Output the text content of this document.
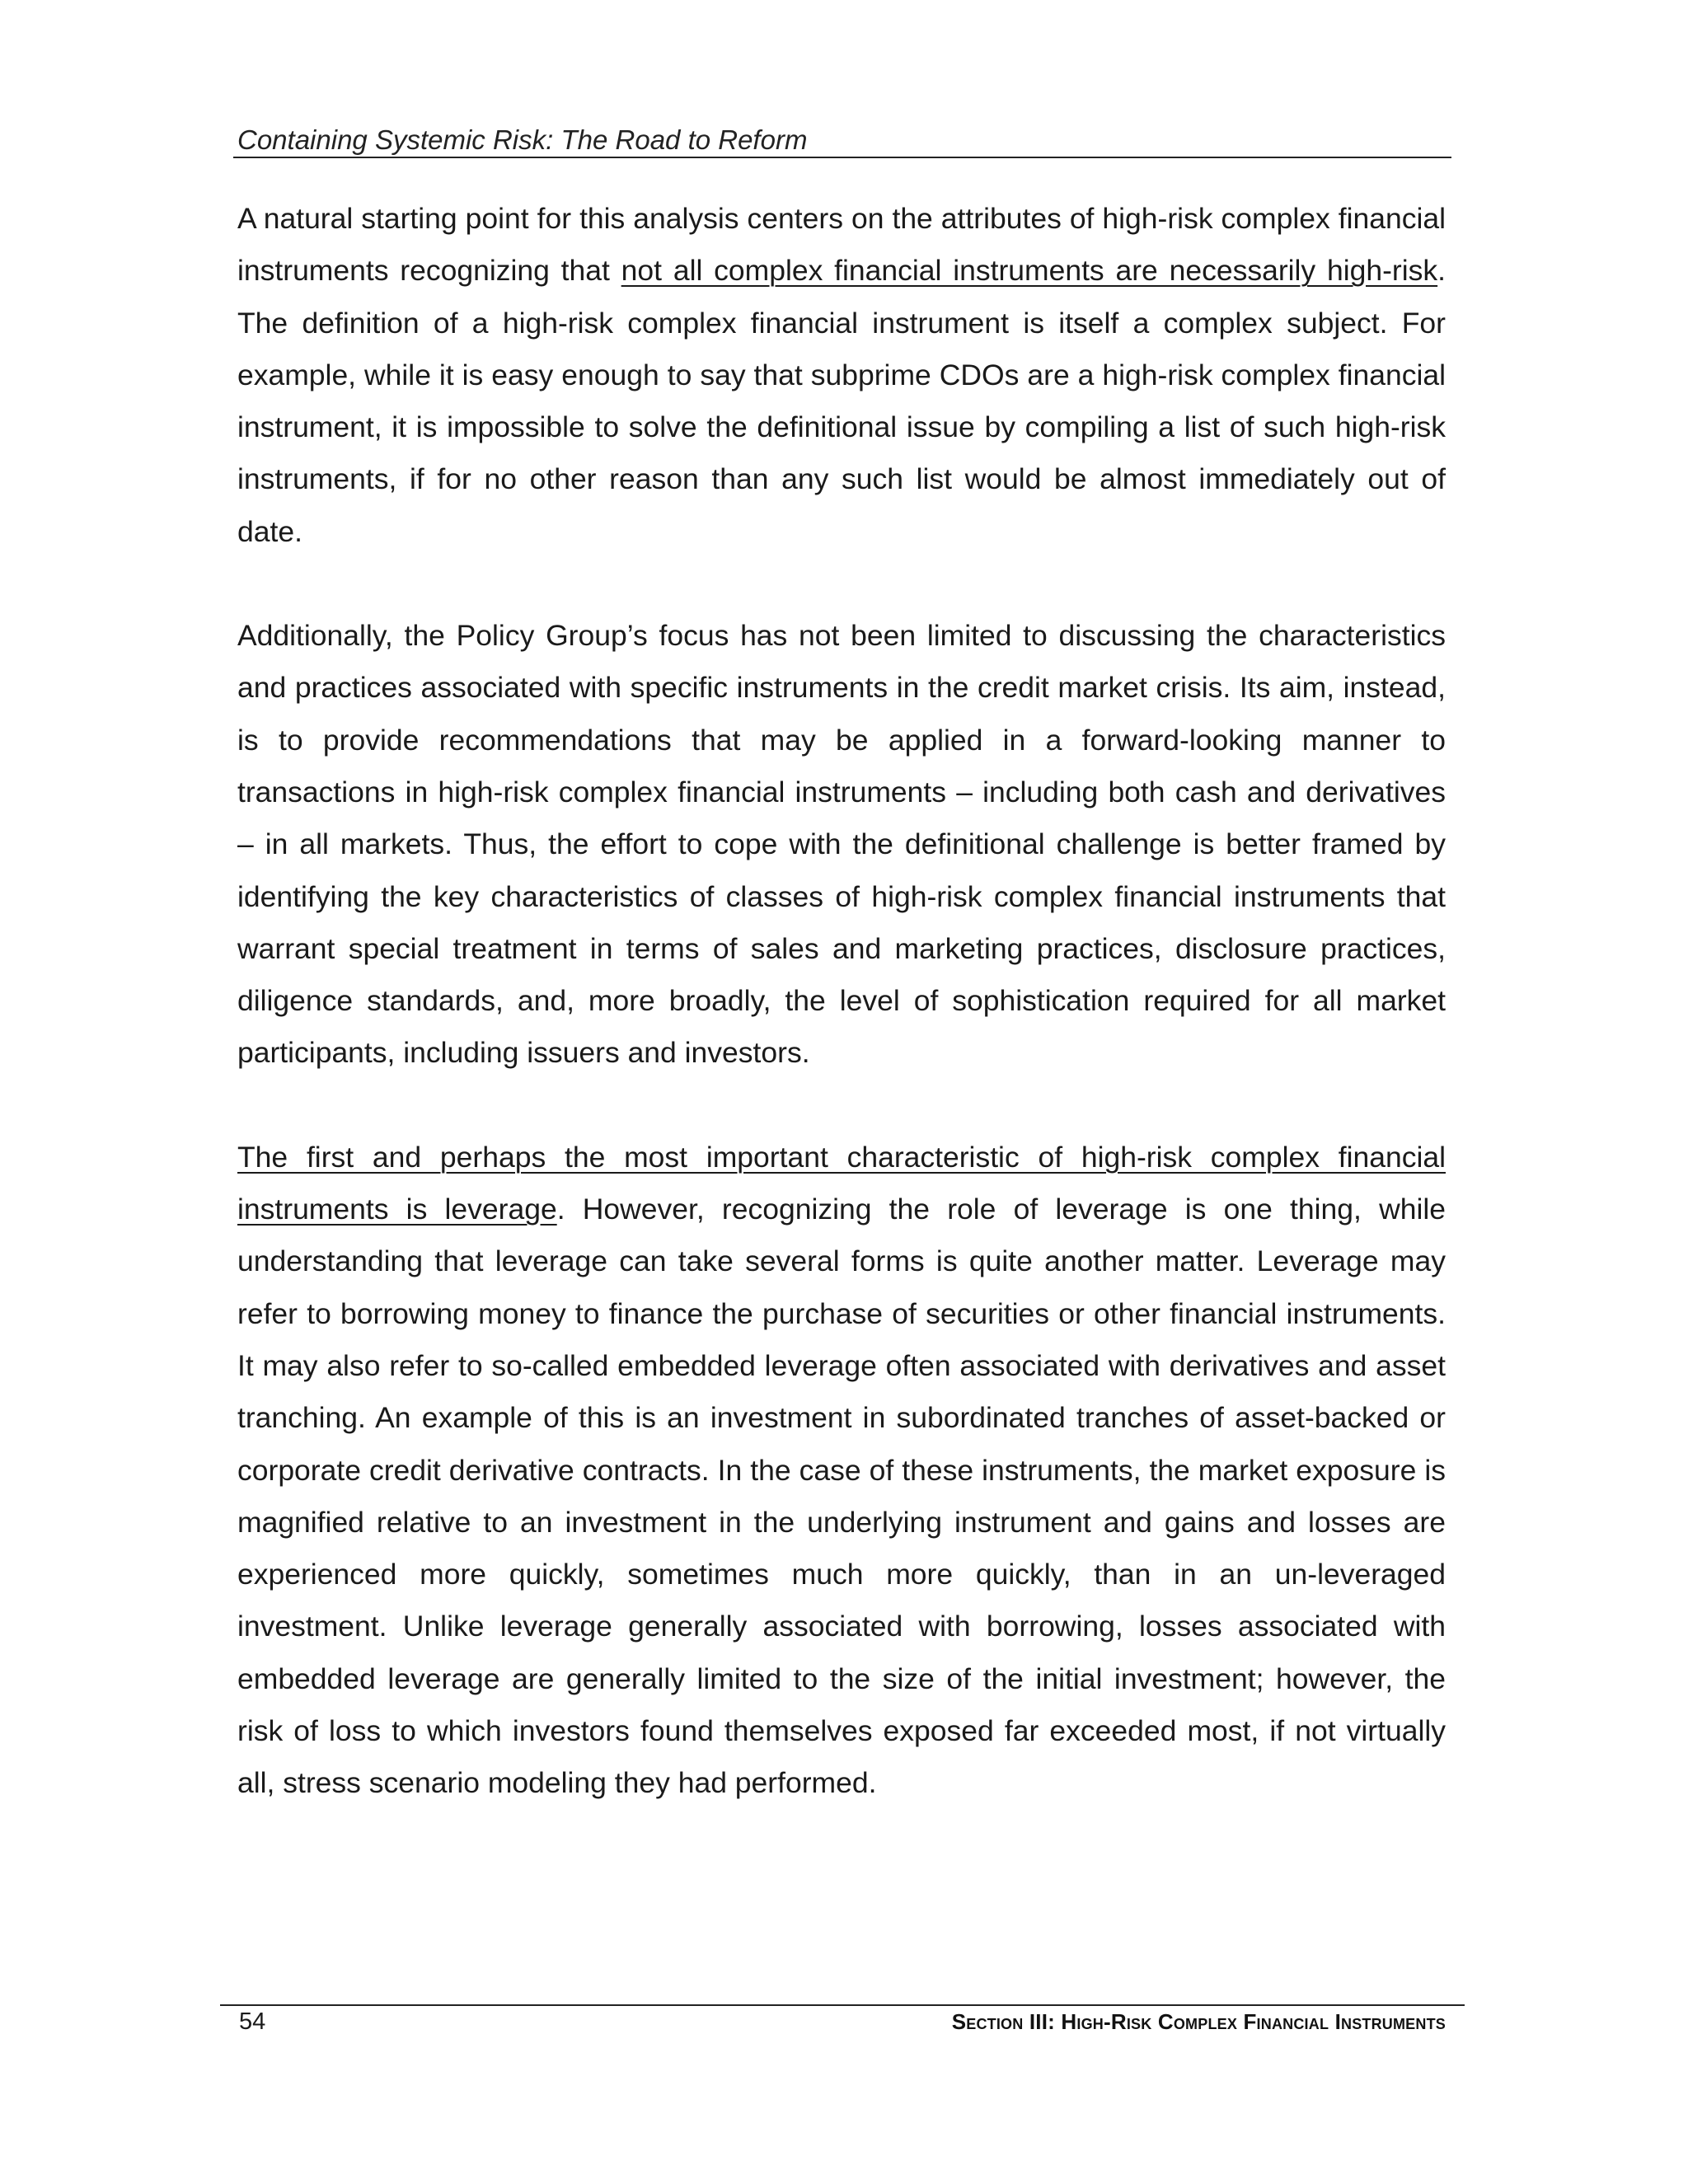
Containing Systemic Risk: The Road to Reform

A natural starting point for this analysis centers on the attributes of high-risk complex financial instruments recognizing that not all complex financial instruments are necessarily high-risk. The definition of a high-risk complex financial instrument is itself a complex subject. For example, while it is easy enough to say that subprime CDOs are a high-risk complex financial instrument, it is impossible to solve the definitional issue by compiling a list of such high-risk instruments, if for no other reason than any such list would be almost immediately out of date.

Additionally, the Policy Group’s focus has not been limited to discussing the characteristics and practices associated with specific instruments in the credit market crisis. Its aim, instead, is to provide recommendations that may be applied in a forward-looking manner to transactions in high-risk complex financial instruments – including both cash and derivatives – in all markets. Thus, the effort to cope with the definitional challenge is better framed by identifying the key characteristics of classes of high-risk complex financial instruments that warrant special treatment in terms of sales and marketing practices, disclosure practices, diligence standards, and, more broadly, the level of sophistication required for all market participants, including issuers and investors.

The first and perhaps the most important characteristic of high-risk complex financial instruments is leverage. However, recognizing the role of leverage is one thing, while understanding that leverage can take several forms is quite another matter. Leverage may refer to borrowing money to finance the purchase of securities or other financial instruments. It may also refer to so-called embedded leverage often associated with derivatives and asset tranching. An example of this is an investment in subordinated tranches of asset-backed or corporate credit derivative contracts. In the case of these instruments, the market exposure is magnified relative to an investment in the underlying instrument and gains and losses are experienced more quickly, sometimes much more quickly, than in an un-leveraged investment. Unlike leverage generally associated with borrowing, losses associated with embedded leverage are generally limited to the size of the initial investment; however, the risk of loss to which investors found themselves exposed far exceeded most, if not virtually all, stress scenario modeling they had performed.

54	Section III: High-Risk Complex Financial Instruments
